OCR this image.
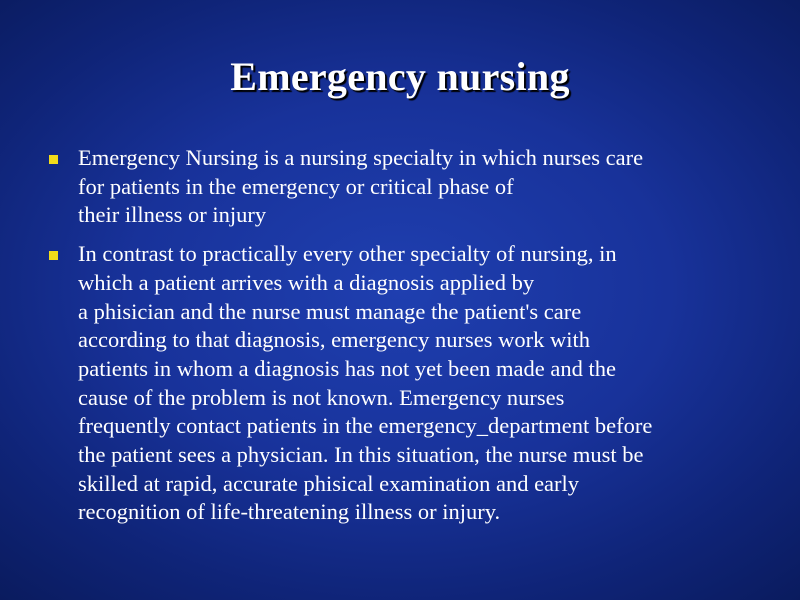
Emergency nursing
Emergency Nursing is a nursing specialty in which nurses care
for patients in the emergency or critical phase of
their illness or injury
In contrast to practically every other specialty of nursing, in
which a patient arrives with a diagnosis applied by
a phisician and the nurse must manage the patient's care
according to that diagnosis, emergency nurses work with
patients in whom a diagnosis has not yet been made and the
cause of the problem is not known. Emergency nurses
frequently contact patients in the emergency_department before
the patient sees a physician. In this situation, the nurse must be
skilled at rapid, accurate phisical examination and early
recognition of life-threatening illness or injury.
